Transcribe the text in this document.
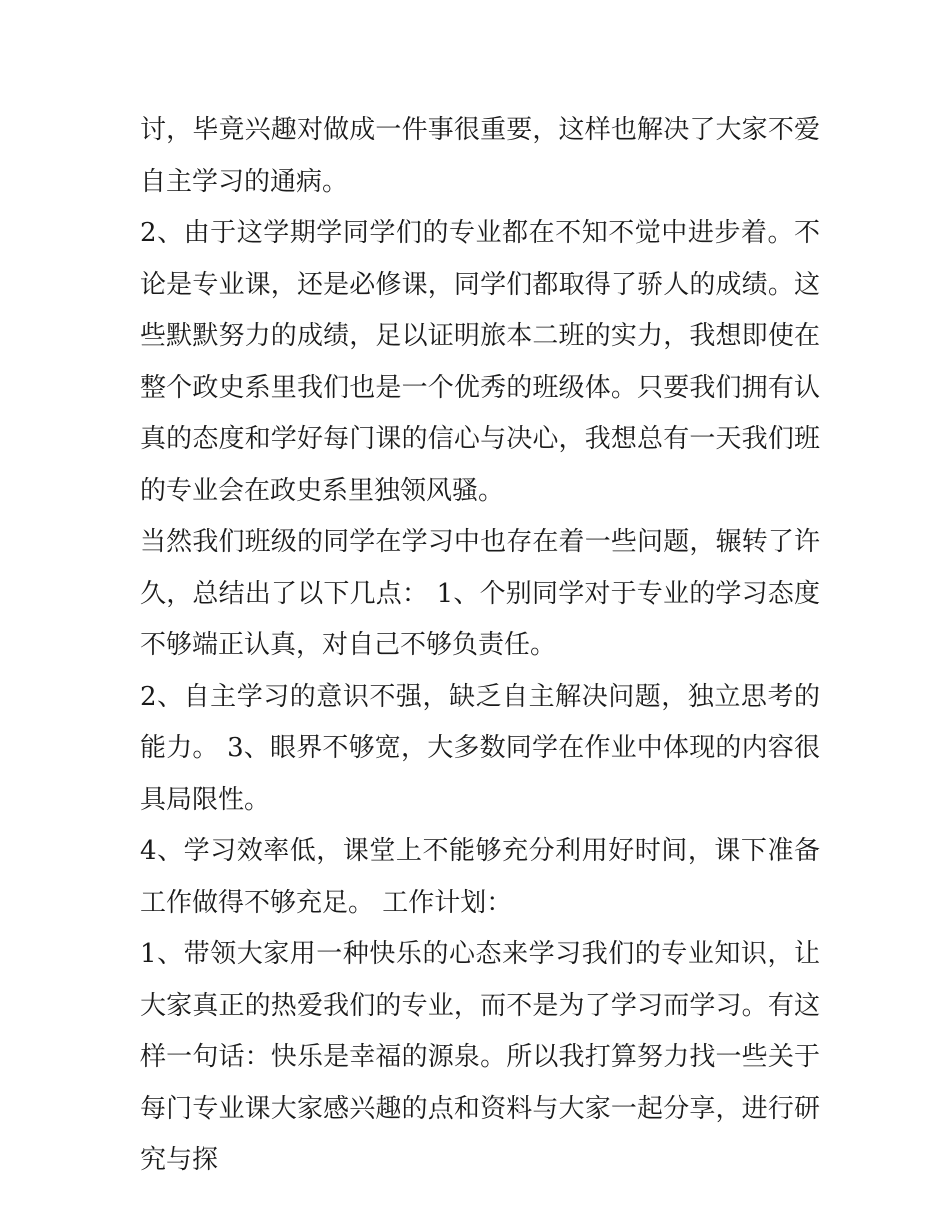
讨，毕竟兴趣对做成一件事很重要，这样也解决了大家不爱自主学习的通病。

2、由于这学期学同学们的专业都在不知不觉中进步着。不论是专业课，还是必修课，同学们都取得了骄人的成绩。这些默默努力的成绩，足以证明旅本二班的实力，我想即使在整个政史系里我们也是一个优秀的班级体。只要我们拥有认真的态度和学好每门课的信心与决心，我想总有一天我们班的专业会在政史系里独领风骚。

当然我们班级的同学在学习中也存在着一些问题，辗转了许久，总结出了以下几点： 1、个别同学对于专业的学习态度不够端正认真，对自己不够负责任。

2、自主学习的意识不强，缺乏自主解决问题，独立思考的能力。 3、眼界不够宽，大多数同学在作业中体现的内容很具局限性。

4、学习效率低，课堂上不能够充分利用好时间，课下准备工作做得不够充足。 工作计划：

1、带领大家用一种快乐的心态来学习我们的专业知识，让大家真正的热爱我们的专业，而不是为了学习而学习。有这样一句话：快乐是幸福的源泉。所以我打算努力找一些关于每门专业课大家感兴趣的点和资料与大家一起分享，进行研究与探
